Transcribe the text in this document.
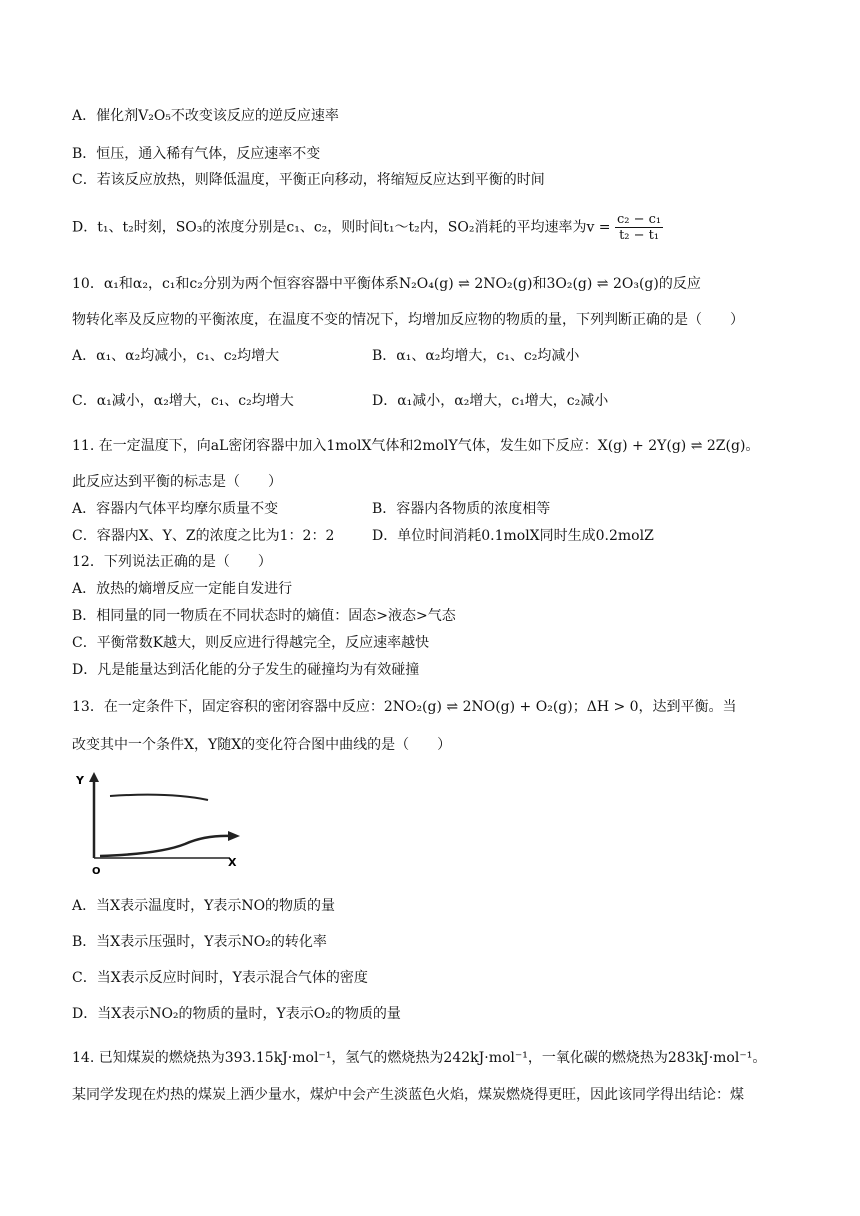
A．催化剂V₂O₅不改变该反应的逆反应速率
B．恒压，通入稀有气体，反应速率不变
C．若该反应放热，则降低温度，平衡正向移动，将缩短反应达到平衡的时间
D．t₁、t₂时刻，SO₃的浓度分别是c₁、c₂，则时间t₁～t₂内，SO₂消耗的平均速率为$v = \frac{\text{c₂ − c₁}}{\text{t₂ − t₁}}$
10．α₁和α₂，c₁和c₂分别为两个恒容容器中平衡体系N₂O₄(g) ⇌ 2NO₂(g)和3O₂(g) ⇌ 2O₃(g)的反应
物转化率及反应物的平衡浓度，在温度不变的情况下，均增加反应物的物质的量，下列判断正确的是（　　）
A．α₁、α₂均减小，c₁、c₂均增大	B．α₁、α₂均增大，c₁、c₂均减小
C．α₁减小，α₂增大，c₁、c₂均增大	D．α₁减小，α₂增大，c₁增大，c₂减小
11. 在一定温度下，向aL密闭容器中加入1molX气体和2molY气体，发生如下反应：X(g) + 2Y(g) ⇌ 2Z(g)。
此反应达到平衡的标志是（　　）
A．容器内气体平均摩尔质量不变	B．容器内各物质的浓度相等
C．容器内X、Y、Z的浓度之比为1：2：2	D．单位时间消耗0.1molX同时生成0.2molZ
12．下列说法正确的是（　　）
A．放热的熵增反应一定能自发进行
B．相同量的同一物质在不同状态时的熵值：固态>液态>气态
C．平衡常数K越大，则反应进行得越完全，反应速率越快
D．凡是能量达到活化能的分子发生的碰撞均为有效碰撞
13．在一定条件下，固定容积的密闭容器中反应：2NO₂(g) ⇌ 2NO(g) + O₂(g)；ΔH > 0，达到平衡。当
改变其中一个条件X，Y随X的变化符合图中曲线的是（　　）
Y
O
X
A．当X表示温度时，Y表示NO的物质的量
B．当X表示压强时，Y表示NO₂的转化率
C．当X表示反应时间时，Y表示混合气体的密度
D．当X表示NO₂的物质的量时，Y表示O₂的物质的量
14. 已知煤炭的燃烧热为393.15kJ·mol⁻¹，氢气的燃烧热为242kJ·mol⁻¹，一氧化碳的燃烧热为283kJ·mol⁻¹。
某同学发现在灼热的煤炭上洒少量水，煤炉中会产生淡蓝色火焰，煤炭燃烧得更旺，因此该同学得出结论：煤
